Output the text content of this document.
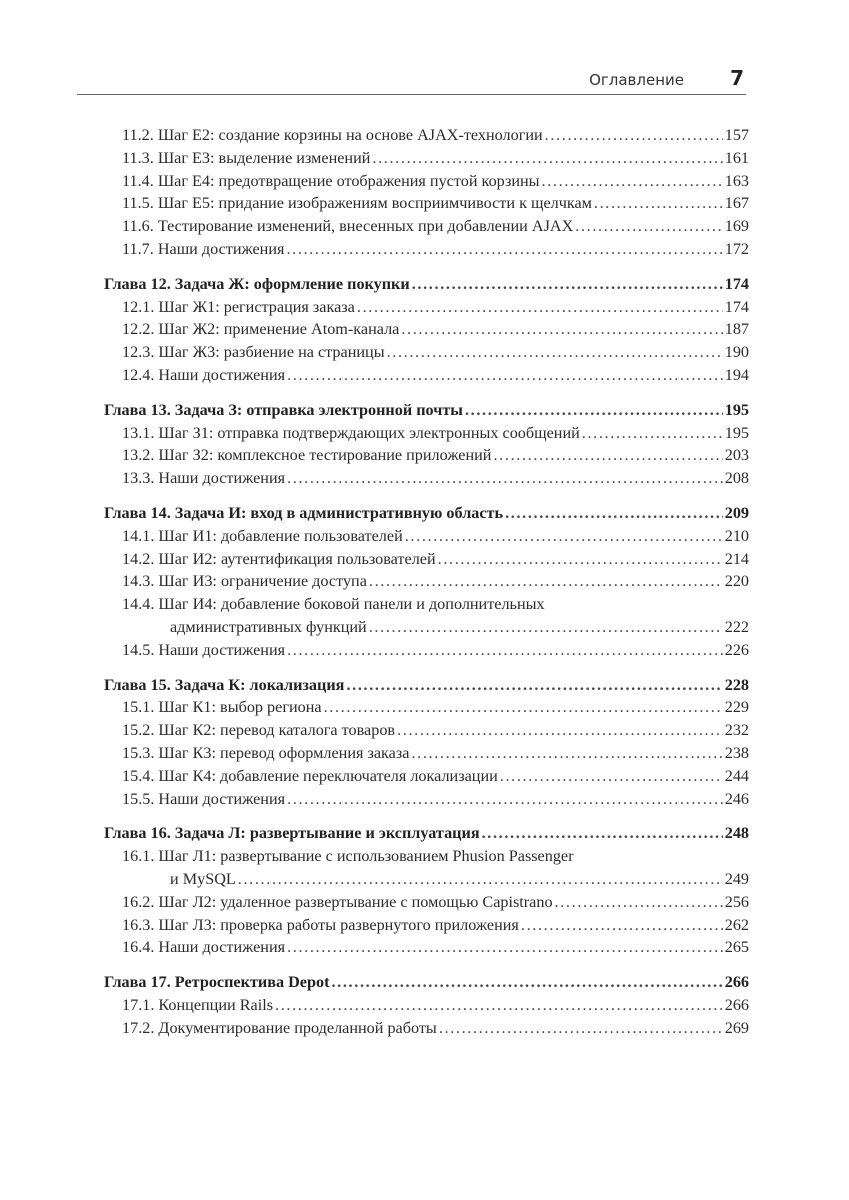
Оглавление 7
11.2. Шаг Е2: создание корзины на основе AJAX-технологии . . .	157
11.3. Шаг Е3: выделение изменений . . .	161
11.4. Шаг Е4: предотвращение отображения пустой корзины . . .	163
11.5. Шаг Е5: придание изображениям восприимчивости к щелчкам . . .	167
11.6. Тестирование изменений, внесенных при добавлении AJAX . . .	169
11.7. Наши достижения . . .	172
Глава 12. Задача Ж: оформление покупки . . .	174
12.1. Шаг Ж1: регистрация заказа . . .	174
12.2. Шаг Ж2: применение Atom-канала . . .	187
12.3. Шаг Ж3: разбиение на страницы . . .	190
12.4. Наши достижения . . .	194
Глава 13. Задача З: отправка электронной почты . . .	195
13.1. Шаг З1: отправка подтверждающих электронных сообщений . . .	195
13.2. Шаг З2: комплексное тестирование приложений . . .	203
13.3. Наши достижения . . .	208
Глава 14. Задача И: вход в административную область . . .	209
14.1. Шаг И1: добавление пользователей . . .	210
14.2. Шаг И2: аутентификация пользователей . . .	214
14.3. Шаг И3: ограничение доступа . . .	220
14.4. Шаг И4: добавление боковой панели и дополнительных
административных функций . . .	222
14.5. Наши достижения . . .	226
Глава 15. Задача К: локализация . . .	228
15.1. Шаг К1: выбор региона . . .	229
15.2. Шаг К2: перевод каталога товаров . . .	232
15.3. Шаг К3: перевод оформления заказа . . .	238
15.4. Шаг К4: добавление переключателя локализации . . .	244
15.5. Наши достижения . . .	246
Глава 16. Задача Л: развертывание и эксплуатация . . .	248
16.1. Шаг Л1: развертывание с использованием Phusion Passenger
и MySQL . . .	249
16.2. Шаг Л2: удаленное развертывание с помощью Capistrano . . .	256
16.3. Шаг Л3: проверка работы развернутого приложения . . .	262
16.4. Наши достижения . . .	265
Глава 17. Ретроспектива Depot . . .	266
17.1. Концепции Rails . . .	266
17.2. Документирование проделанной работы . . .	269
